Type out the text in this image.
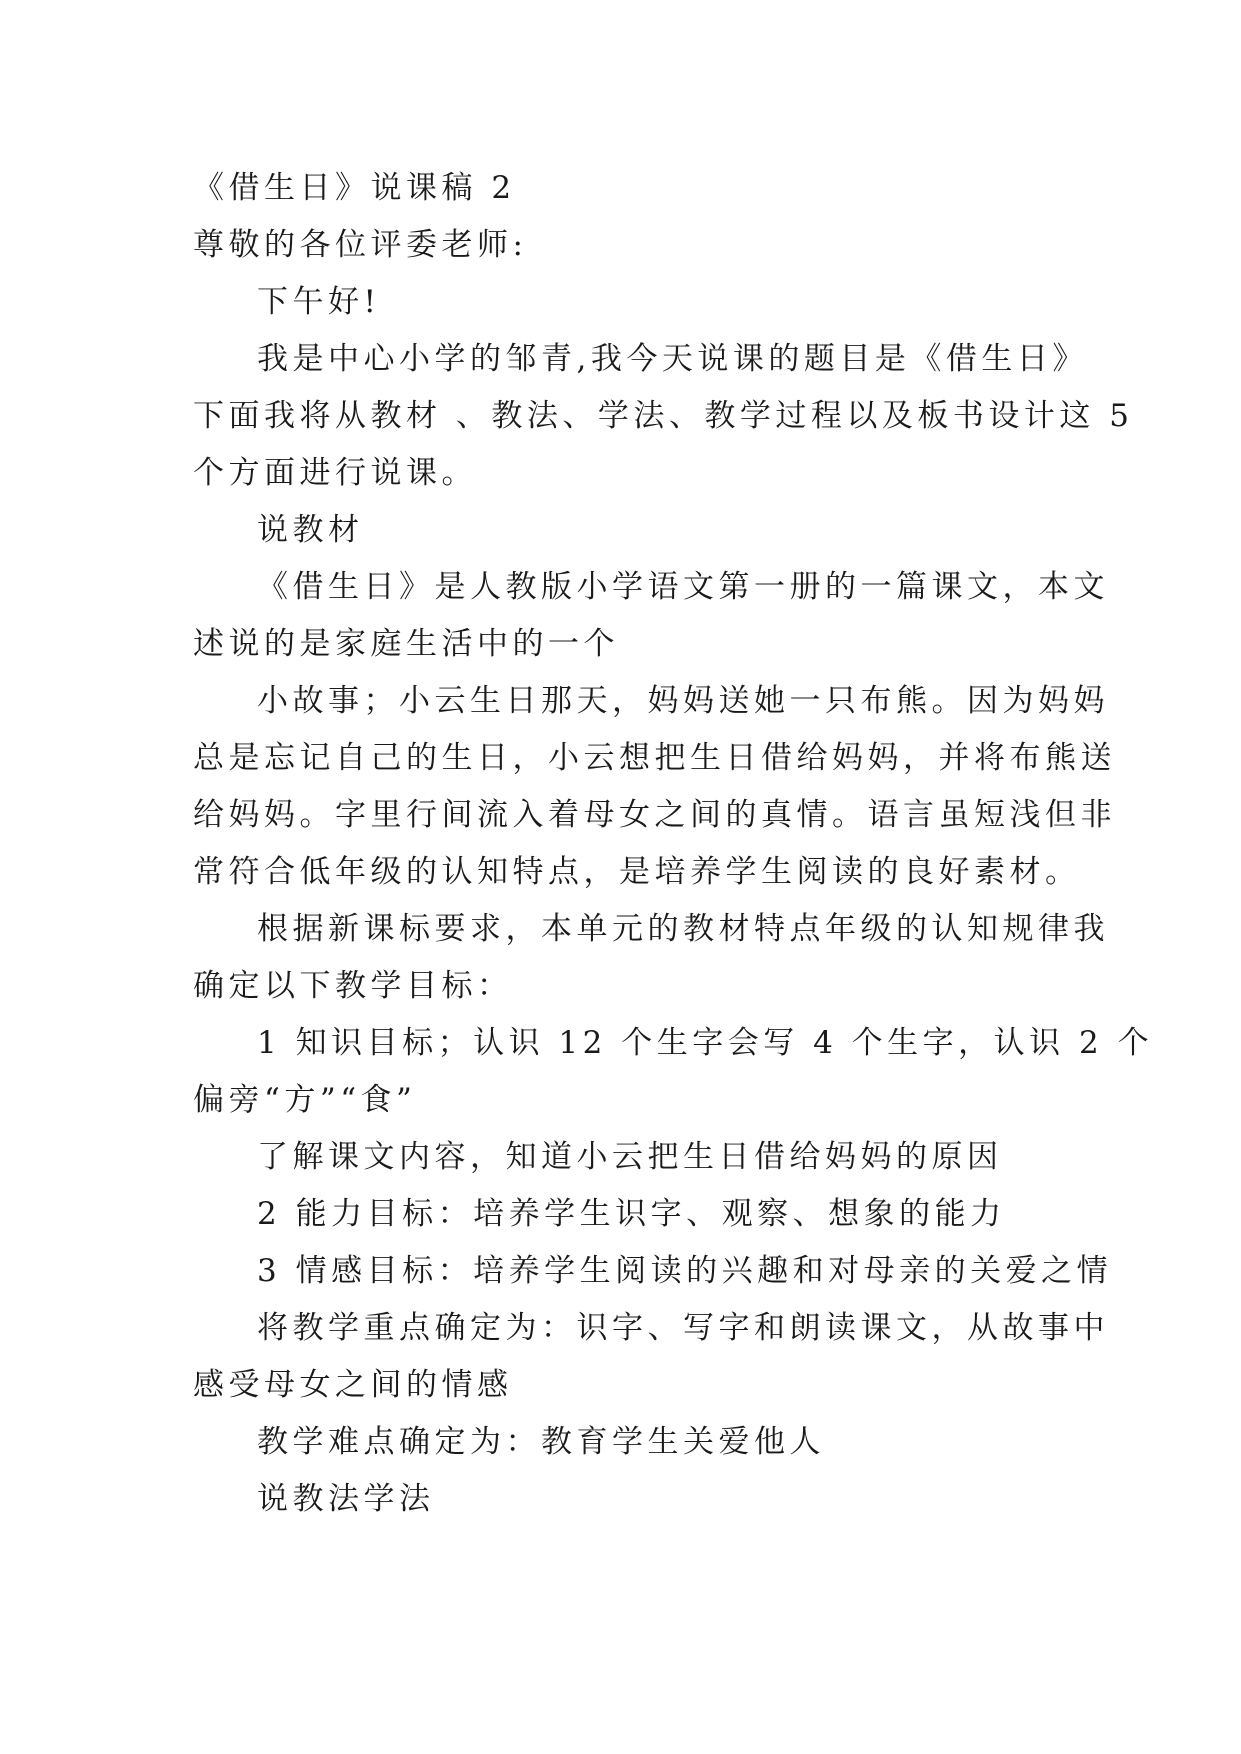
《借生日》说课稿 2

尊敬的各位评委老师:

下午好!

我是中心小学的邹青,我今天说课的题目是《借生日》

下面我将从教材 、教法、学法、教学过程以及板书设计这 5

个方面进行说课。

说教材

《借生日》是人教版小学语文第一册的一篇课文，本文

述说的是家庭生活中的一个

小故事；小云生日那天，妈妈送她一只布熊。因为妈妈

总是忘记自己的生日，小云想把生日借给妈妈，并将布熊送

给妈妈。字里行间流入着母女之间的真情。语言虽短浅但非

常符合低年级的认知特点，是培养学生阅读的良好素材。

根据新课标要求，本单元的教材特点年级的认知规律我

确定以下教学目标：

1 知识目标；认识 12 个生字会写 4 个生字，认识 2 个

偏旁“方”“食”

了解课文内容，知道小云把生日借给妈妈的原因

2 能力目标：培养学生识字、观察、想象的能力

3 情感目标：培养学生阅读的兴趣和对母亲的关爱之情

将教学重点确定为：识字、写字和朗读课文，从故事中

感受母女之间的情感

教学难点确定为：教育学生关爱他人

说教法学法
